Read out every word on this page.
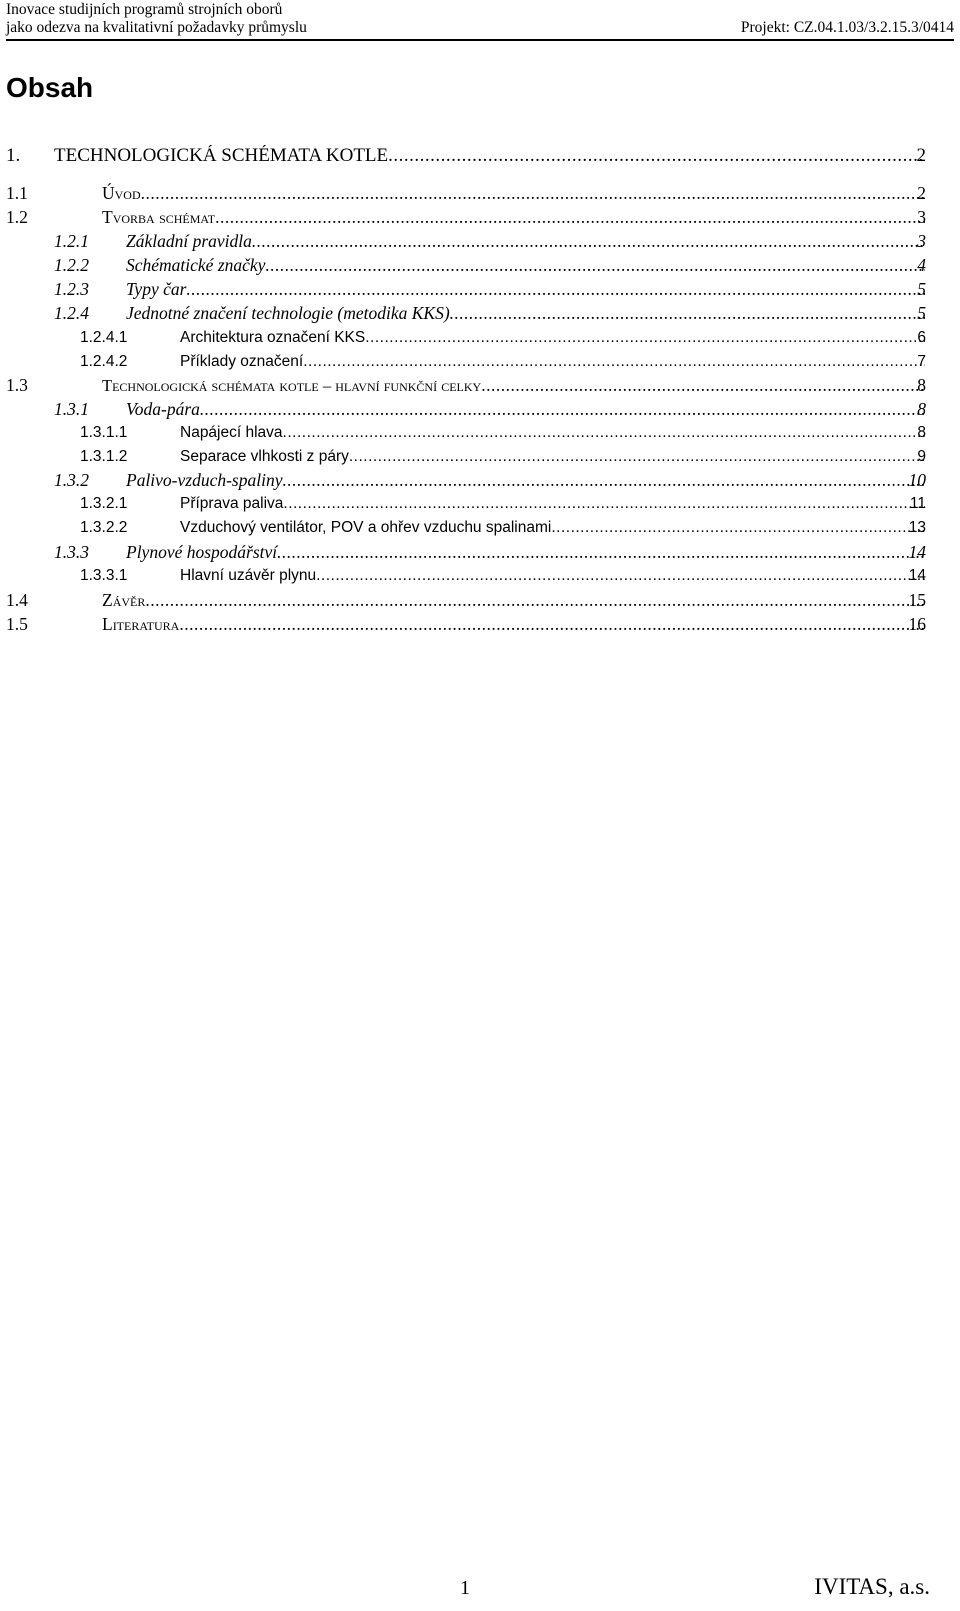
Inovace studijních programů strojních oborů
jako odezva na kvalitativní požadavky průmyslu	Projekt: CZ.04.1.03/3.2.15.3/0414
Obsah
1. TECHNOLOGICKÁ SCHÉMATA KOTLE .....	2
1.1	Úvod .....	2
1.2	Tvorba schémat .....	3
1.2.1 Základní pravidla .....	3
1.2.2 Schématické značky .....	4
1.2.3 Typy čar .....	5
1.2.4 Jednotné značení technologie (metodika KKS) .....	5
1.2.4.1	Architektura označení KKS .....	6
1.2.4.2	Příklady označení .....	7
1.3	Technologická schémata kotle – hlavní funkční celky .....	8
1.3.1 Voda-pára .....	8
1.3.1.1	Napájecí hlava .....	8
1.3.1.2	Separace vlhkosti z páry .....	9
1.3.2 Palivo-vzduch-spaliny .....	10
1.3.2.1	Příprava paliva .....	11
1.3.2.2	Vzduchový ventilátor, POV a ohřev vzduchu spalinami .....	13
1.3.3 Plynové hospodářství .....	14
1.3.3.1	Hlavní uzávěr plynu .....	14
1.4	Závěr .....	15
1.5	Literatura .....	16
1	IVITAS, a.s.
